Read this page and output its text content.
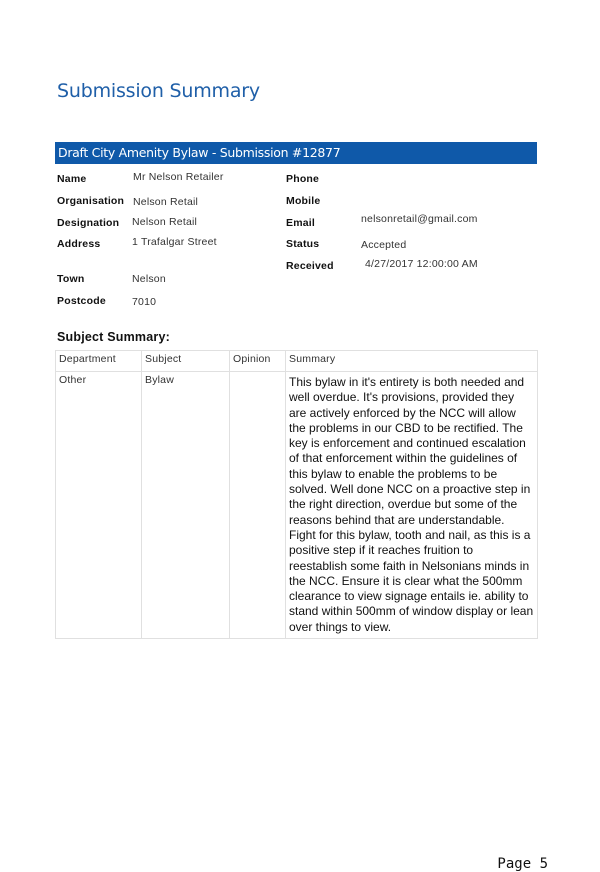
Submission Summary
Draft City Amenity Bylaw - Submission #12877
Name	Mr Nelson Retailer
Organisation Nelson Retail
Designation Nelson Retail
Address	1 Trafalgar Street
Town	Nelson
Postcode 7010
Phone
Mobile
Email	nelsonretail@gmail.com
Status	Accepted
Received	4/27/2017 12:00:00 AM
Subject Summary:
Department	Subject	Opinion	Summary
Other	Bylaw		This bylaw in it's entirety is both needed and well overdue. It's provisions, provided they are actively enforced by the NCC will allow the problems in our CBD to be rectified. The key is enforcement and continued escalation of that enforcement within the guidelines of this bylaw to enable the problems to be solved. Well done NCC on a proactive step in the right direction, overdue but some of the reasons behind that are understandable. Fight for this bylaw, tooth and nail, as this is a positive step if it reaches fruition to reestablish some faith in Nelsonians minds in the NCC. Ensure it is clear what the 500mm clearance to view signage entails ie. ability to stand within 500mm of window display or lean over things to view.
Page 5
